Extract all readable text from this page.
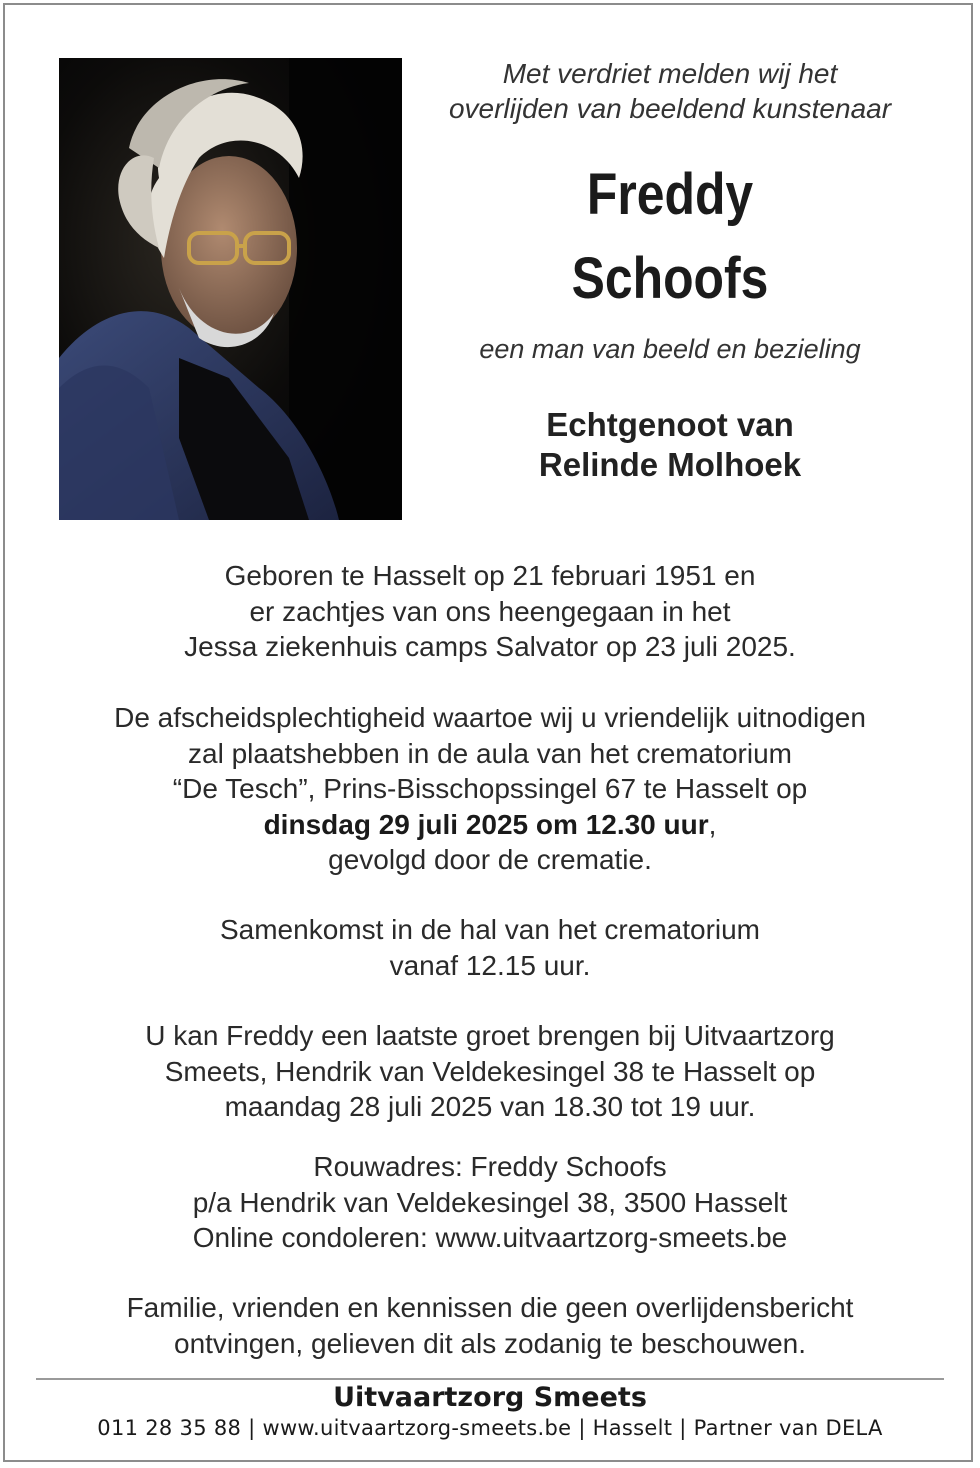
Met verdriet melden wij het
overlijden van beeldend kunstenaar
Freddy
Schoofs
een man van beeld en bezieling
Echtgenoot van
Relinde Molhoek
Geboren te Hasselt op 21 februari 1951 en
er zachtjes van ons heengegaan in het
Jessa ziekenhuis camps Salvator op 23 juli 2025.
De afscheidsplechtigheid waartoe wij u vriendelijk uitnodigen
zal plaatshebben in de aula van het crematorium
“De Tesch”, Prins-Bisschopssingel 67 te Hasselt op
dinsdag 29 juli 2025 om 12.30 uur,
gevolgd door de crematie.
Samenkomst in de hal van het crematorium
vanaf 12.15 uur.
U kan Freddy een laatste groet brengen bij Uitvaartzorg
Smeets, Hendrik van Veldekesingel 38 te Hasselt op
maandag 28 juli 2025 van 18.30 tot 19 uur.
Rouwadres: Freddy Schoofs
p/a Hendrik van Veldekesingel 38, 3500 Hasselt
Online condoleren: www.uitvaartzorg-smeets.be
Familie, vrienden en kennissen die geen overlijdensbericht
ontvingen, gelieven dit als zodanig te beschouwen.
Uitvaartzorg Smeets
011 28 35 88 | www.uitvaartzorg-smeets.be | Hasselt | Partner van DELA
